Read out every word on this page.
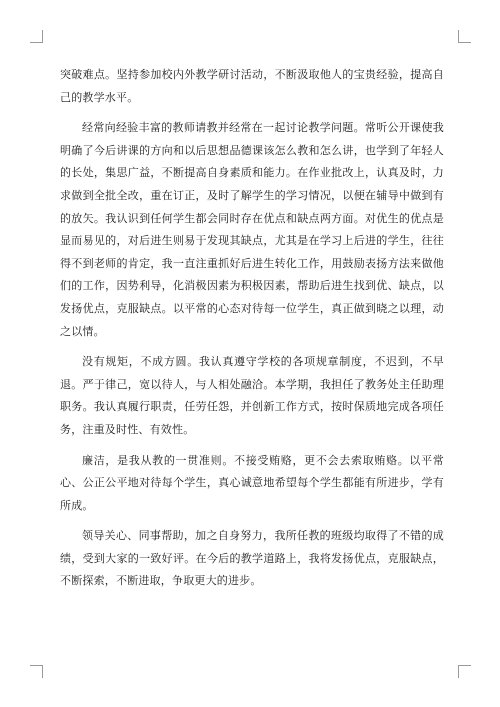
突破难点。坚持参加校内外教学研讨活动，不断汲取他人的宝贵经验，提高自己的教学水平。

经常向经验丰富的教师请教并经常在一起讨论教学问题。常听公开课使我明确了今后讲课的方向和以后思想品德课该怎么教和怎么讲，也学到了年轻人的长处，集思广益，不断提高自身素质和能力。在作业批改上，认真及时，力求做到全批全改，重在订正，及时了解学生的学习情况，以便在辅导中做到有的放矢。我认识到任何学生都会同时存在优点和缺点两方面。对优生的优点是显而易见的，对后进生则易于发现其缺点，尤其是在学习上后进的学生，往往得不到老师的肯定，我一直注重抓好后进生转化工作，用鼓励表扬方法来做他们的工作，因势利导，化消极因素为积极因素，帮助后进生找到优、缺点，以发扬优点，克服缺点。以平常的心态对待每一位学生，真正做到晓之以理，动之以情。

没有规矩，不成方圆。我认真遵守学校的各项规章制度，不迟到，不早退。严于律己，宽以待人，与人相处融洽。本学期，我担任了教务处主任助理职务。我认真履行职责，任劳任怨，并创新工作方式，按时保质地完成各项任务，注重及时性、有效性。

廉洁，是我从教的一贯准则。不接受贿赂，更不会去索取贿赂。以平常心、公正公平地对待每个学生，真心诚意地希望每个学生都能有所进步，学有所成。

领导关心、同事帮助，加之自身努力，我所任教的班级均取得了不错的成绩，受到大家的一致好评。在今后的教学道路上，我将发扬优点，克服缺点，不断探索，不断进取，争取更大的进步。
